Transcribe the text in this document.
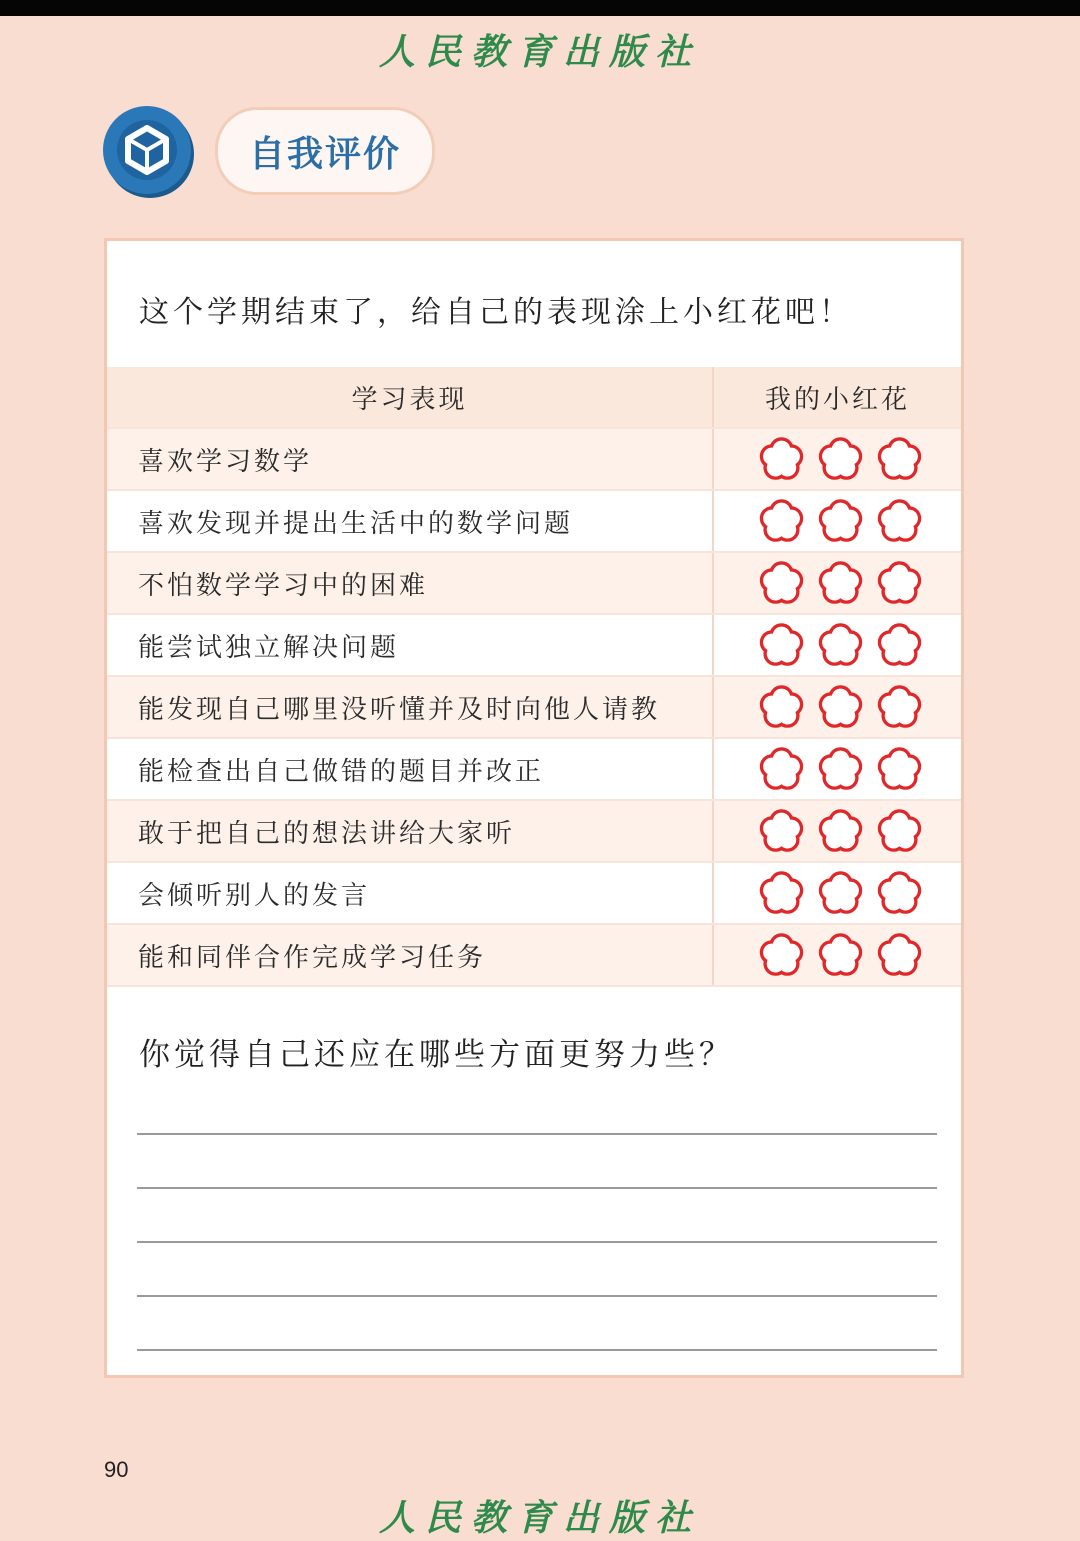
人民教育出版社
自我评价
这个学期结束了，给自己的表现涂上小红花吧！
学习表现	我的小红花
喜欢学习数学	

喜欢发现并提出生活中的数学问题	

不怕数学学习中的困难	

能尝试独立解决问题	

能发现自己哪里没听懂并及时向他人请教	

能检查出自己做错的题目并改正	

敢于把自己的想法讲给大家听	

会倾听别人的发言	

能和同伴合作完成学习任务	
你觉得自己还应在哪些方面更努力些？
90
人民教育出版社
